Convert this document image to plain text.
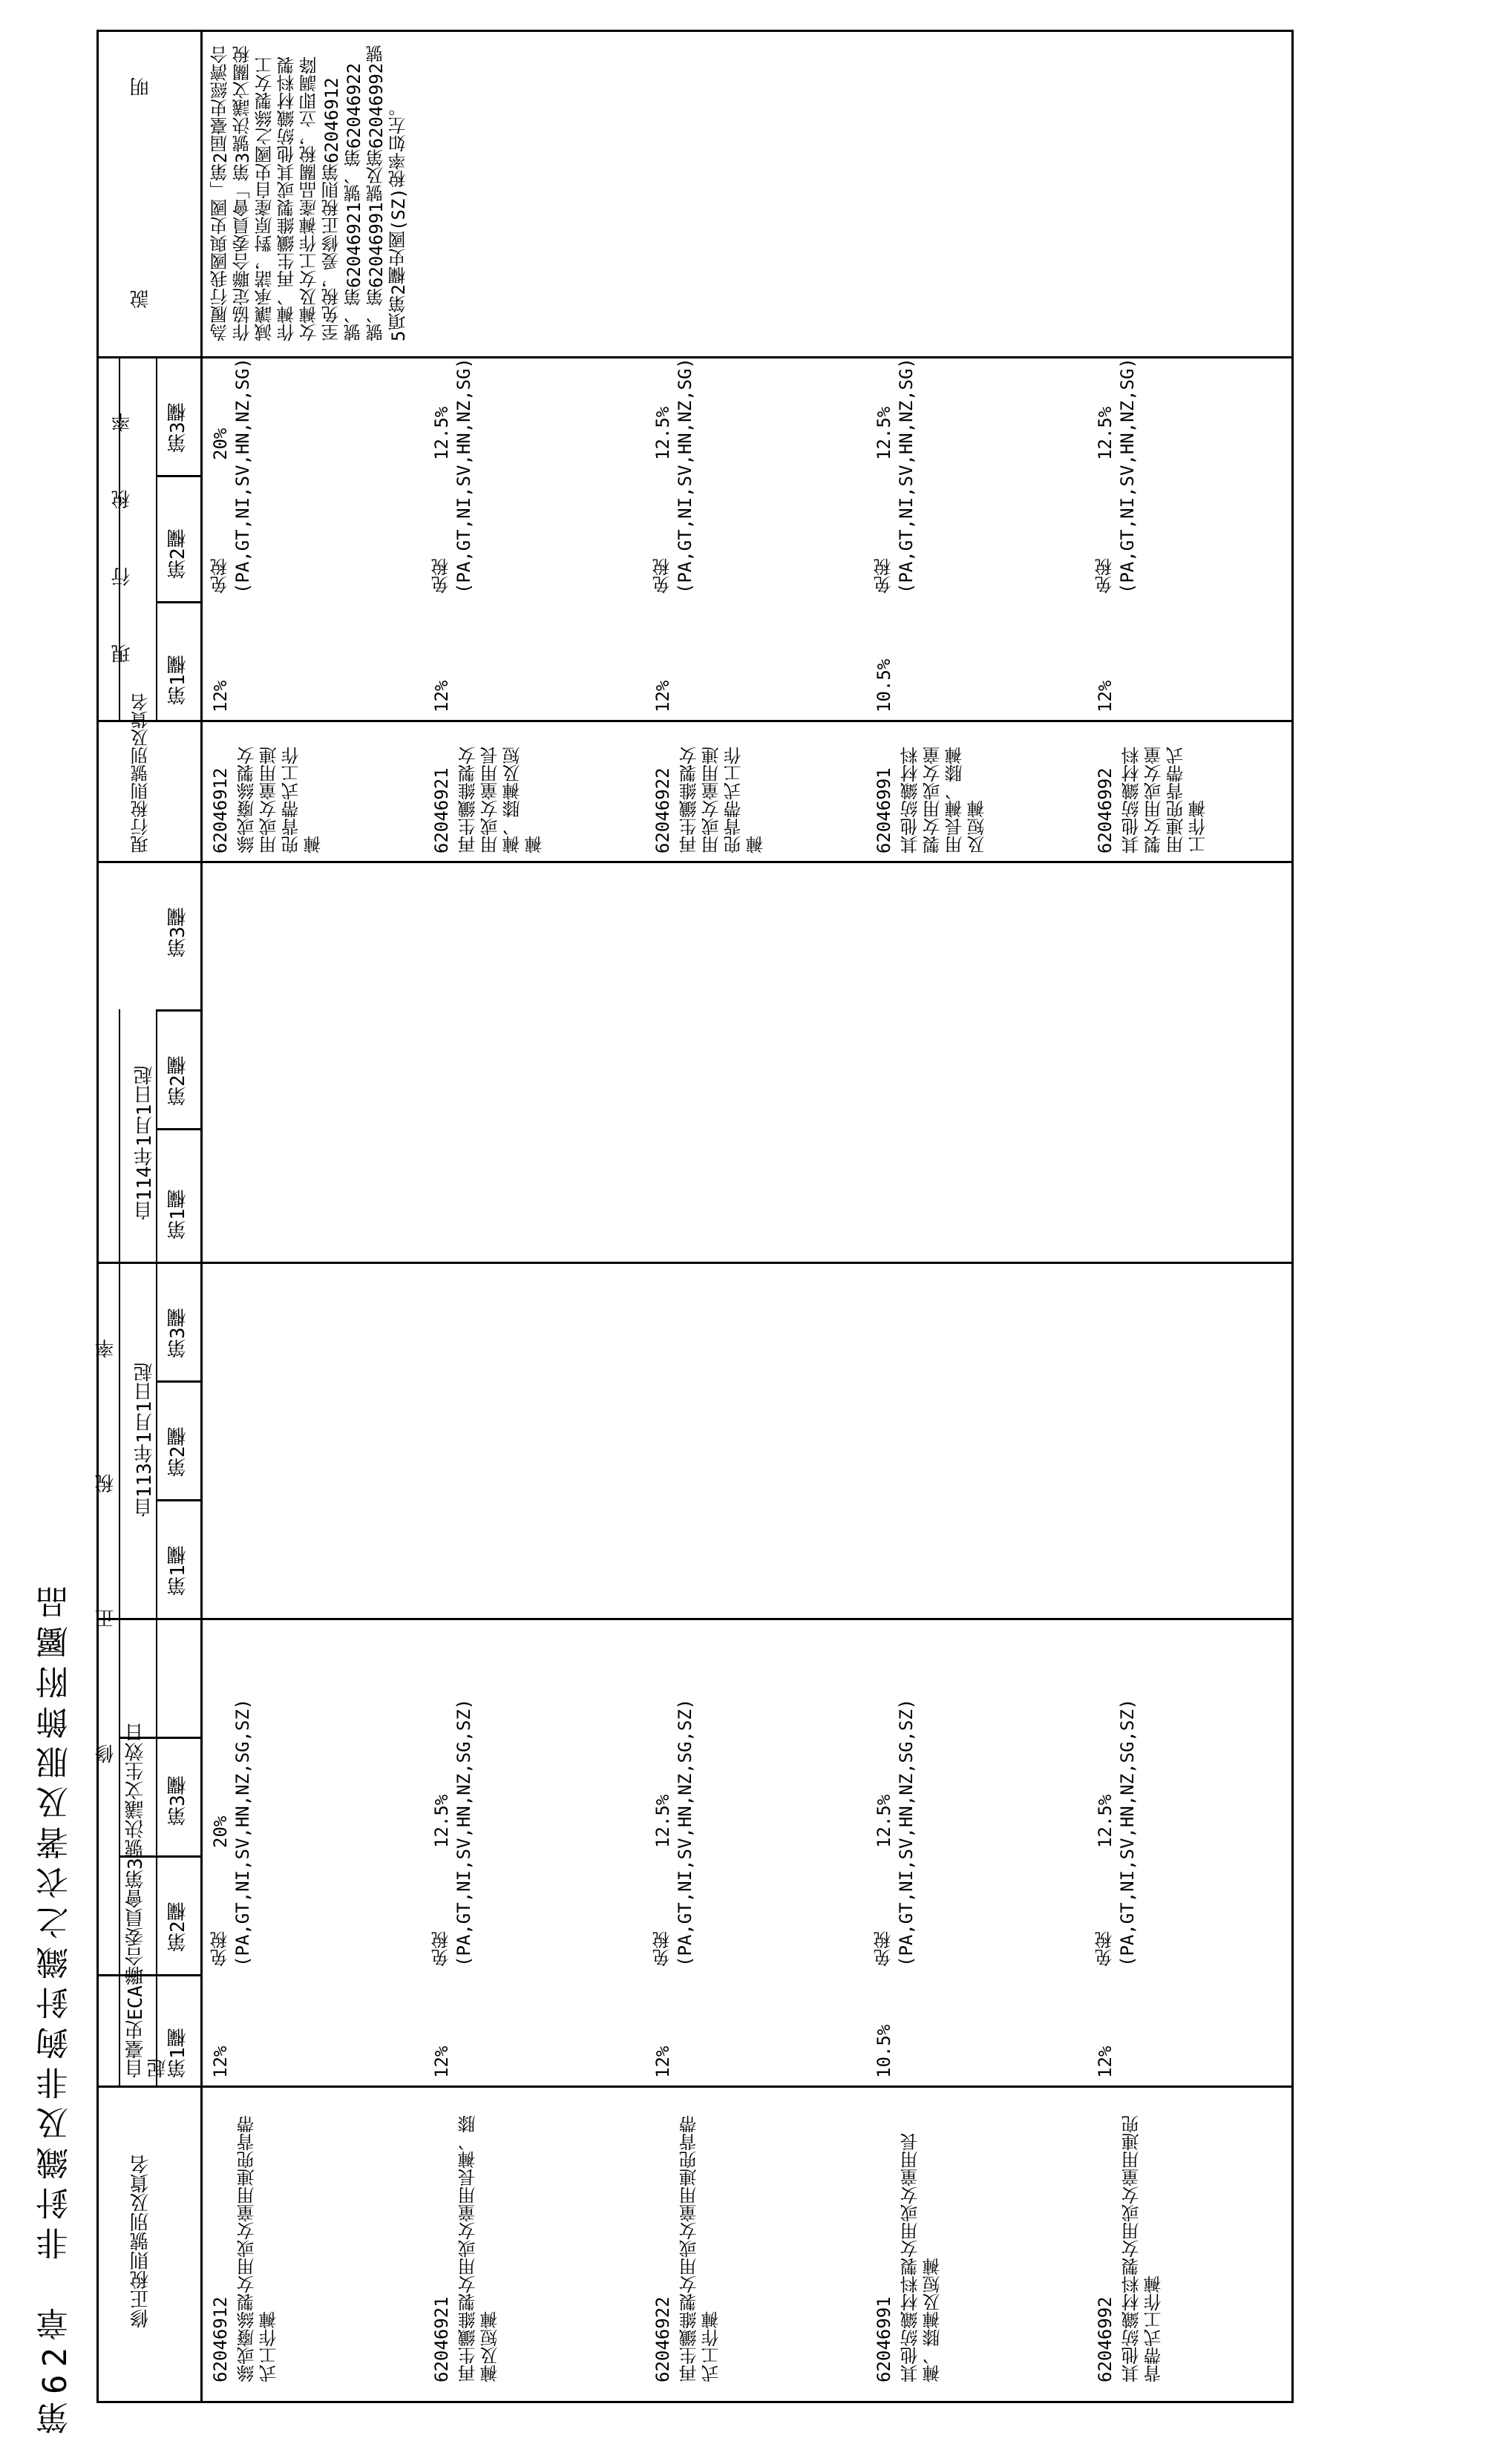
第62章　非針織及非鉤針織之衣著及服飾附屬品	修正稅則號別及貨名
修　　　　　　正　　　　　　稅　　　　　　率
自臺史ECA聯合委員會第3號決議文生效日起
自113年1月1日起
自114年1月1日起
第1欄
第2欄
第3欄
第1欄
第2欄
第3欄
第1欄
第2欄
第3欄
現行稅則號別及貨名
現　　　行　　　稅　　　率
第1欄
第2欄
第3欄
說　　　　　　　　　　明
62046912 絲或廢絲製女用或女童用連兜背帶式工作褲
12%
免稅(PA,GT,NI,SV,HN,NZ,SG,SZ)
20%
62046921 再生纖維製女用或女童用長褲、膝褲及短褲
12%
免稅(PA,GT,NI,SV,HN,NZ,SG,SZ)
12.5%
62046922 再生纖維製女用或女童用連兜背帶式工作褲
12%
免稅(PA,GT,NI,SV,HN,NZ,SG,SZ)
12.5%
62046991 其他紡織材料製女用或女童用長褲、膝褲及短褲
10.5%
免稅(PA,GT,NI,SV,HN,NZ,SG,SZ)
12.5%
62046992 其他紡織材料製女用或女童用連兜背帶式工作褲
12%
免稅(PA,GT,NI,SV,HN,NZ,SG,SZ)
12.5%
62046912 絲或廢絲製女用或女童用連兜背帶式工作褲
12%
免稅(PA,GT,NI,SV,HN,NZ,SG)
20%
62046921 再生纖維製女用或女童用長褲、膝褲及短褲
12%
免稅(PA,GT,NI,SV,HN,NZ,SG)
12.5%
62046922 再生纖維製女用或女童用連兜背帶式工作褲
12%
免稅(PA,GT,NI,SV,HN,NZ,SG)
12.5%
62046991 其他紡織材料製女用或女童用長褲、膝褲及短褲
10.5%
免稅(PA,GT,NI,SV,HN,NZ,SG)
12.5%
62046992 其他紡織材料製女用或女童用連兜背帶式工作褲
12%
免稅(PA,GT,NI,SV,HN,NZ,SG)
12.5%
為履行我國與史國「第2屆臺史經濟合作協定聯合委員會」第3號決議文關稅減讓承諾，對原產自史國之絲製女工作褲、再生纖維製或其他紡織材料製女褲及女工作褲產品關稅，立即調降至免稅，爰修正稅則第62046912號、第62046921號、第62046922號、第62046991號及第62046992號5項第2欄史國(SZ)稅率如左。
